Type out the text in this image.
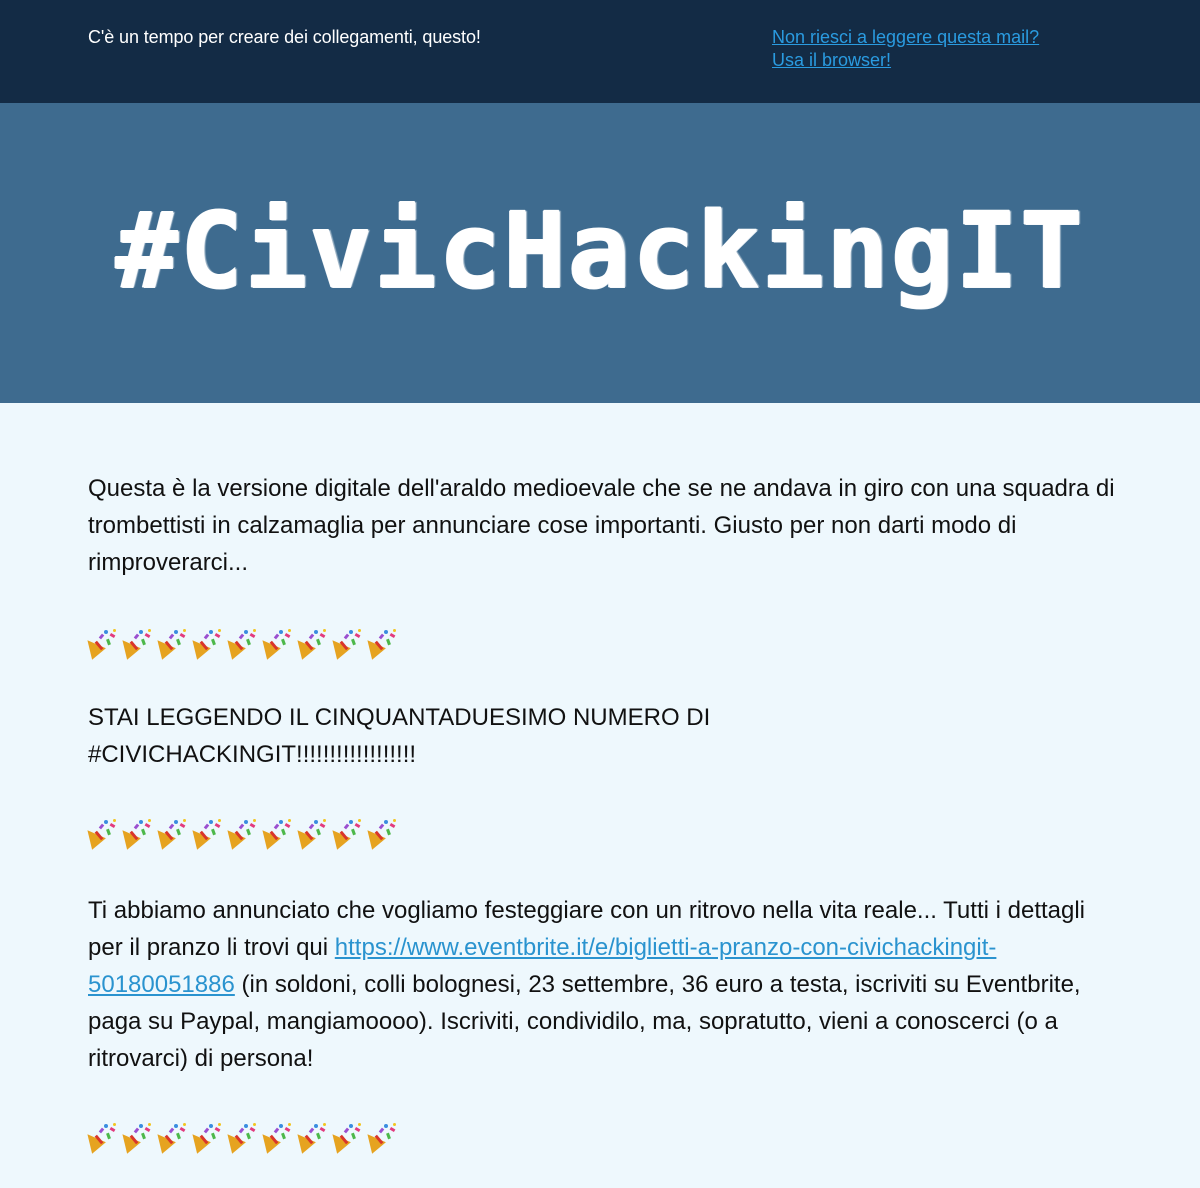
C'è un tempo per creare dei collegamenti, questo!	Non riesci a leggere questa mail?
Usa il browser!
#CivicHackingIT

Questa è la versione digitale dell'araldo medioevale che se ne andava in giro con una squadra di trombettisti in calzamaglia per annunciare cose importanti. Giusto per non darti modo di rimproverarci...

STAI LEGGENDO IL CINQUANTADUESIMO NUMERO DI #CIVICHACKINGIT!!!!!!!!!!!!!!!!!!

Ti abbiamo annunciato che vogliamo festeggiare con un ritrovo nella vita reale... Tutti i dettagli per il pranzo li trovi qui https://www.eventbrite.it/e/biglietti-a-pranzo-con-civichackingit-50180051886 (in soldoni, colli bolognesi, 23 settembre, 36 euro a testa, iscriviti su Eventbrite, paga su Paypal, mangiamoooo). Iscriviti, condividilo, ma, sopratutto, vieni a conoscerci (o a ritrovarci) di persona!
